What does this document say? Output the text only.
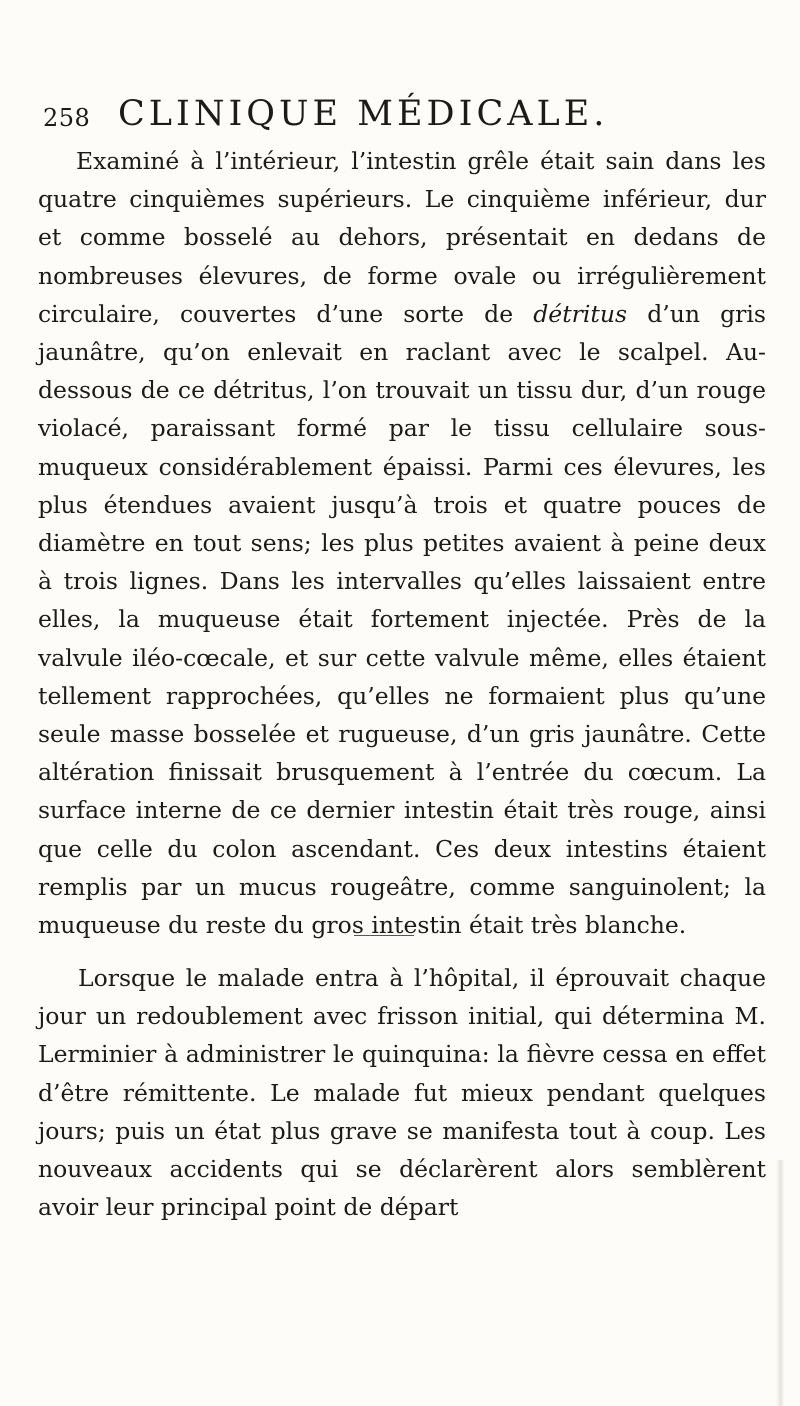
258 CLINIQUE MÉDICALE.

Examiné à l’intérieur, l’intestin grêle était sain dans les quatre cinquièmes supérieurs. Le cinquième inférieur, dur et comme bosselé au dehors, présentait en dedans de nombreuses élevures, de forme ovale ou irrégulièrement circulaire, couvertes d’une sorte de détritus d’un gris jaunâtre, qu’on enlevait en raclant avec le scalpel. Au-dessous de ce détritus, l’on trouvait un tissu dur, d’un rouge violacé, paraissant formé par le tissu cellulaire sous-muqueux considérablement épaissi. Parmi ces élevures, les plus étendues avaient jusqu’à trois et quatre pouces de diamètre en tout sens; les plus petites avaient à peine deux à trois lignes. Dans les intervalles qu’elles laissaient entre elles, la muqueuse était fortement injectée. Près de la valvule iléo-cœcale, et sur cette valvule même, elles étaient tellement rapprochées, qu’elles ne formaient plus qu’une seule masse bosselée et rugueuse, d’un gris jaunâtre. Cette altération finissait brusquement à l’entrée du cœcum. La surface interne de ce dernier intestin était très rouge, ainsi que celle du colon ascendant. Ces deux intestins étaient remplis par un mucus rougeâtre, comme sanguinolent; la muqueuse du reste du gros intestin était très blanche.

Lorsque le malade entra à l’hôpital, il éprouvait chaque jour un redoublement avec frisson initial, qui détermina M. Lerminier à administrer le quinquina: la fièvre cessa en effet d’être rémittente. Le malade fut mieux pendant quelques jours; puis un état plus grave se manifesta tout à coup. Les nouveaux accidents qui se déclarèrent alors semblèrent avoir leur principal point de départ
